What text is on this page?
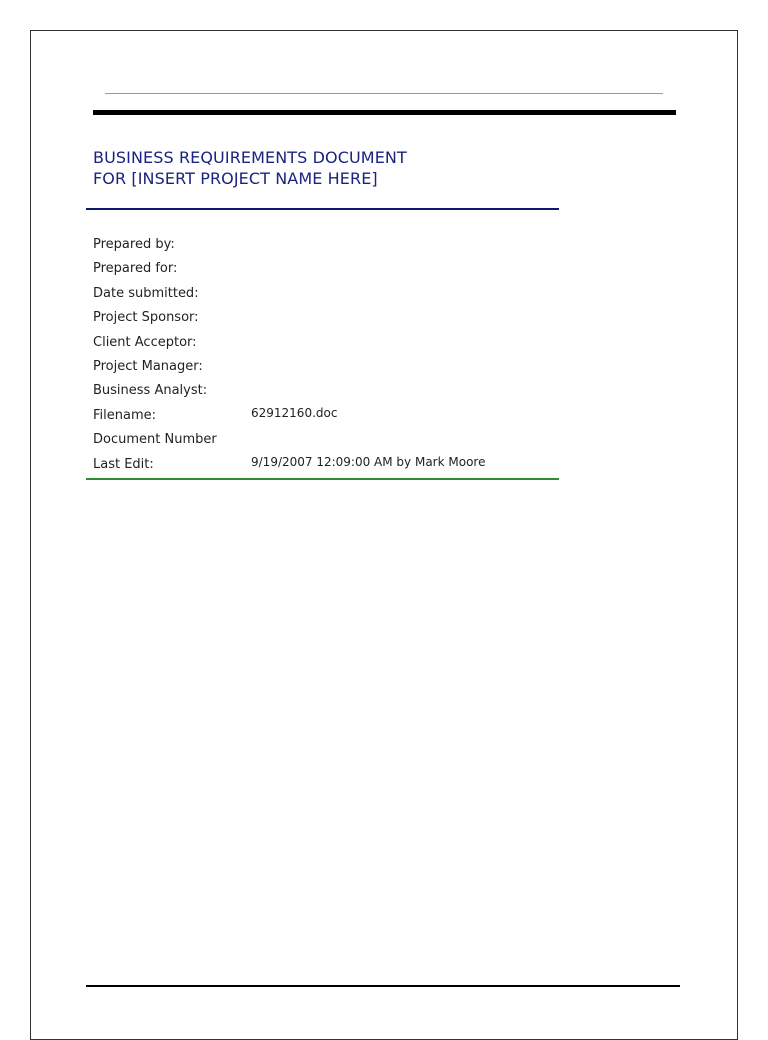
BUSINESS REQUIREMENTS DOCUMENT
FOR [INSERT PROJECT NAME HERE]
Prepared by:
Prepared for:
Date submitted:
Project Sponsor:
Client Acceptor:
Project Manager:
Business Analyst:
Filename:	62912160.doc
Document Number
Last Edit:	9/19/2007 12:09:00 AM by Mark Moore
